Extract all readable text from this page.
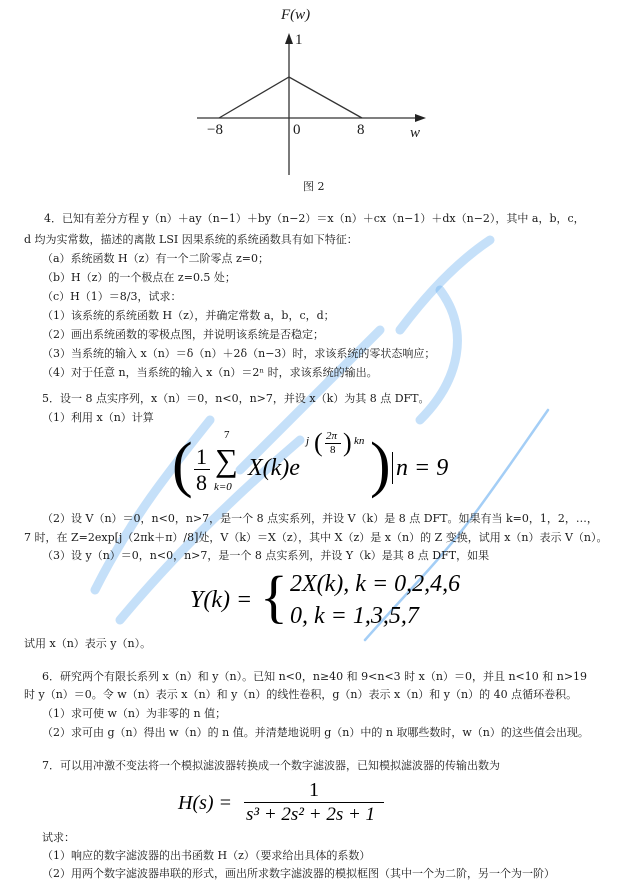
F(w)
1
−8	0	8	w
图 2
4．已知有差分方程 y（n）＋ay（n−1）＋by（n−2）＝x（n）＋cx（n−1）＋dx（n−2），其中 a，b，c，
d 均为实常数，描述的离散 LSI 因果系统的系统函数具有如下特征：
（a）系统函数 H（z）有一个二阶零点 z=0；
（b）H（z）的一个极点在 z=0.5 处；
（c）H（1）＝8/3，试求：
（1）该系统的系统函数 H（z），并确定常数 a，b，c，d；
（2）画出系统函数的零极点图，并说明该系统是否稳定；
（3）当系统的输入 x（n）＝δ（n）＋2δ（n−3）时，求该系统的零状态响应；
（4）对于任意 n，当系统的输入 x（n）＝2ⁿ 时，求该系统的输出。
5．设一 8 点实序列，x（n）＝0，n<0，n>7，并设 x（k）为其 8 点 DFT。
（1）利用 x（n）计算
( 1
8
7
∑
k=0
X(k)e
j ( 2π
8 ) kn ) n = 9
（2）设 V（n）＝0，n<0，n>7，是一个 8 点实系列，并设 V（k）是 8 点 DFT。如果有当 k=0，1，2，…，
7 时，在 Z=2exp[j（2πk＋π）/8]处，V（k）＝X（z），其中 X（z）是 x（n）的 Z 变换，试用 x（n）表示 V（n）。
（3）设 y（n）＝0，n<0，n>7，是一个 8 点实系列，并设 Y（k）是其 8 点 DFT，如果
Y(k) = { 2X(k), k = 0,2,4,6
0, k = 1,3,5,7
试用 x（n）表示 y（n）。
6．研究两个有限长系列 x（n）和 y（n）。已知 n<0，n≥40 和 9<n<3 时 x（n）＝0，并且 n<10 和 n>19
时 y（n）＝0。令 w（n）表示 x（n）和 y（n）的线性卷积，g（n）表示 x（n）和 y（n）的 40 点循环卷积。
（1）求可使 w（n）为非零的 n 值；
（2）求可由 g（n）得出 w（n）的 n 值。并清楚地说明 g（n）中的 n 取哪些数时，w（n）的这些值会出现。
7．可以用冲激不变法将一个模拟滤波器转换成一个数字滤波器，已知模拟滤波器的传输出数为
H(s) =
1
s³ + 2s² + 2s + 1
试求：
（1）响应的数字滤波器的出书函数 H（z）（要求给出具体的系数）
（2）用两个数字滤波器串联的形式，画出所求数字滤波器的模拟框图（其中一个为二阶，另一个为一阶）
